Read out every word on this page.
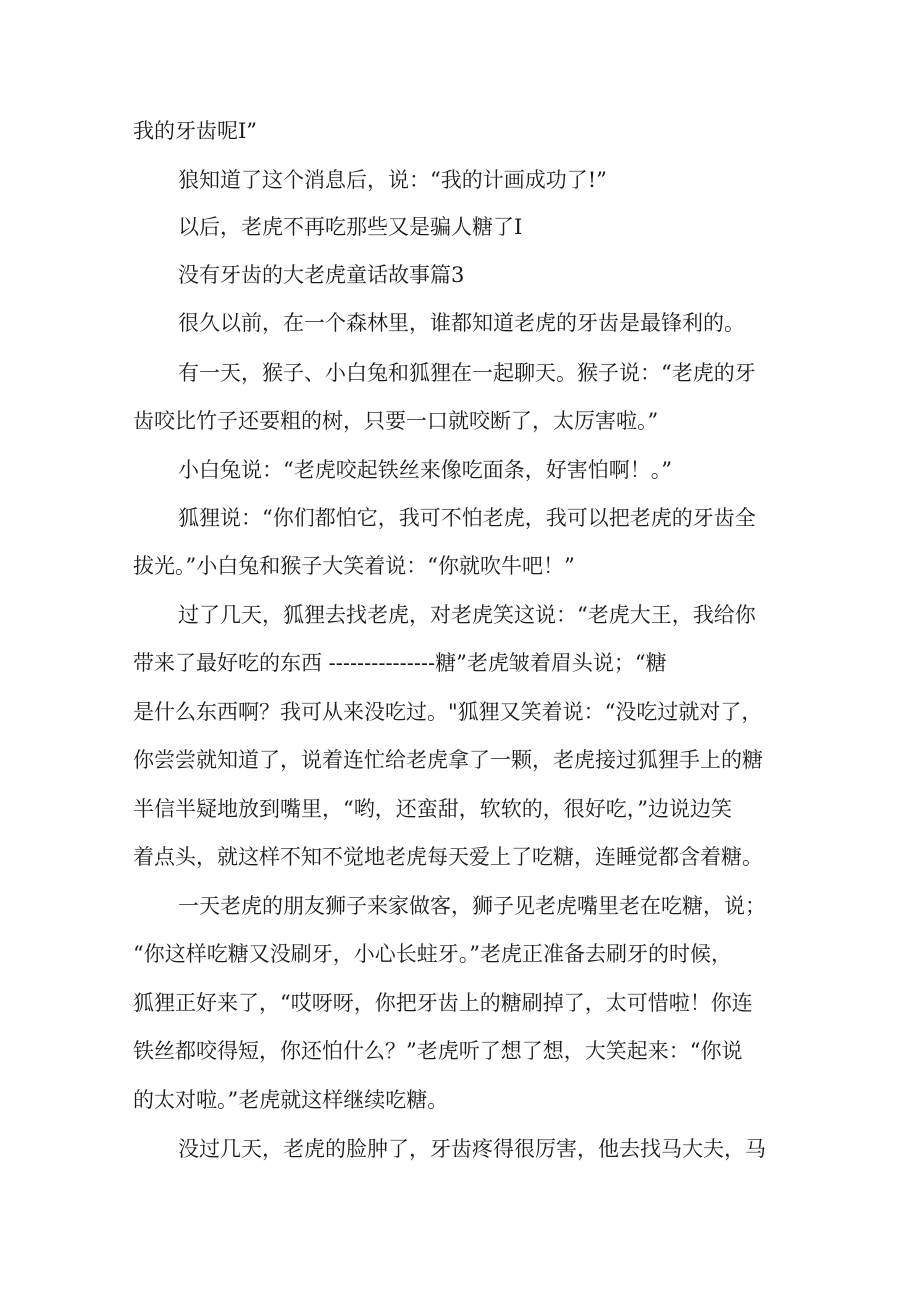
我的牙齿呢I”

狼知道了这个消息后，说：“我的计画成功了!”

以后，老虎不再吃那些又是骗人糖了I

没有牙齿的大老虎童话故事篇3

很久以前，在一个森林里，谁都知道老虎的牙齿是最锋利的。

有一天，猴子、小白兔和狐狸在一起聊天。猴子说：“老虎的牙

齿咬比竹子还要粗的树，只要一口就咬断了，太厉害啦。”

小白兔说：“老虎咬起铁丝来像吃面条，好害怕啊！。”

狐狸说：“你们都怕它，我可不怕老虎，我可以把老虎的牙齿全

拔光。”小白兔和猴子大笑着说：“你就吹牛吧！”

过了几天，狐狸去找老虎，对老虎笑这说：“老虎大王，我给你

带来了最好吃的东西 ---------------糖”老虎皱着眉头说；“糖

是什么东西啊？我可从来没吃过。"狐狸又笑着说：“没吃过就对了，

你尝尝就知道了，说着连忙给老虎拿了一颗，老虎接过狐狸手上的糖

半信半疑地放到嘴里，“哟，还蛮甜，软软的，很好吃，”边说边笑

着点头，就这样不知不觉地老虎每天爱上了吃糖，连睡觉都含着糖。

一天老虎的朋友狮子来家做客，狮子见老虎嘴里老在吃糖，说；

“你这样吃糖又没刷牙，小心长蛀牙。”老虎正准备去刷牙的时候，

狐狸正好来了，“哎呀呀，你把牙齿上的糖刷掉了，太可惜啦！你连

铁丝都咬得短，你还怕什么？”老虎听了想了想，大笑起来：“你说

的太对啦。”老虎就这样继续吃糖。

没过几天，老虎的脸肿了，牙齿疼得很厉害，他去找马大夫，马
